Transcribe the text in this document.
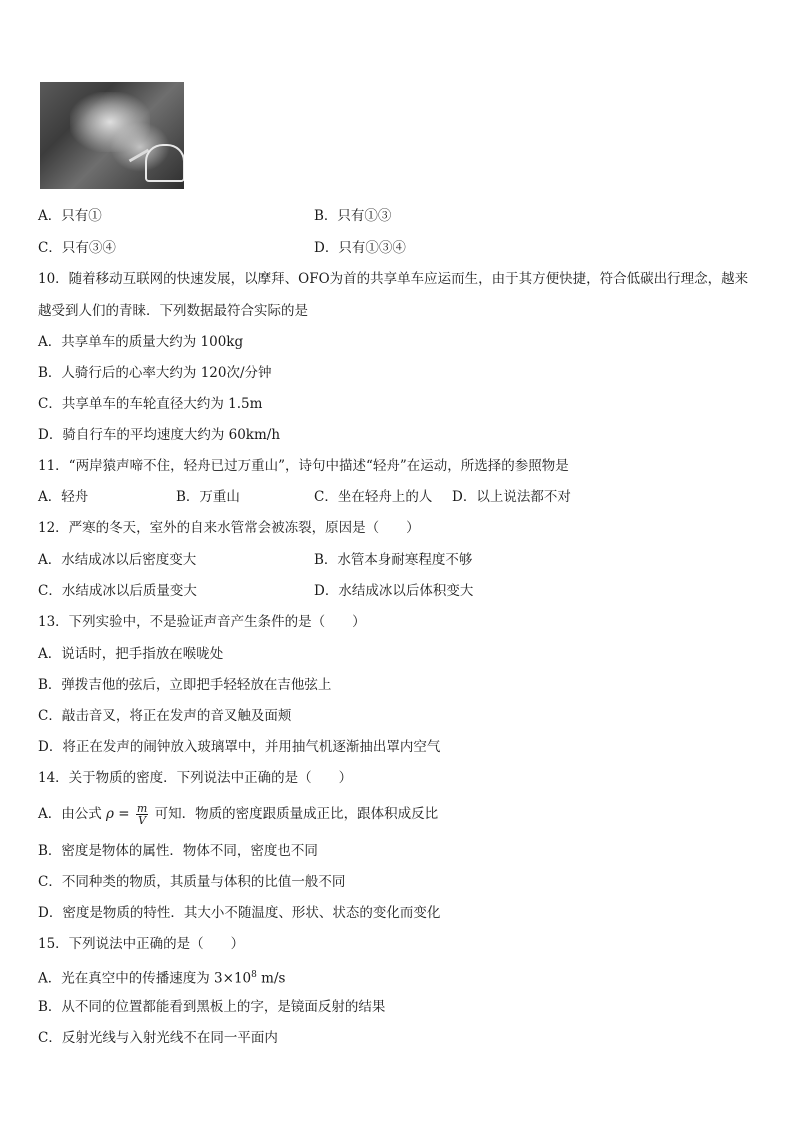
A．只有①	B．只有①③
C．只有③④	D．只有①③④
10．随着移动互联网的快速发展，以摩拜、OFO为首的共享单车应运而生，由于其方便快捷，符合低碳出行理念，越来
越受到人们的青睐．下列数据最符合实际的是
A．共享单车的质量大约为 100kg
B．人骑行后的心率大约为 120次/分钟
C．共享单车的车轮直径大约为 1.5m
D．骑自行车的平均速度大约为 60km/h
11．“两岸猿声啼不住，轻舟已过万重山”，诗句中描述“轻舟”在运动，所选择的参照物是
A．轻舟	B．万重山	C．坐在轻舟上的人 D．以上说法都不对
12．严寒的冬天，室外的自来水管常会被冻裂，原因是（　　）
A．水结成冰以后密度变大	B．水管本身耐寒程度不够
C．水结成冰以后质量变大	D．水结成冰以后体积变大
13．下列实验中，不是验证声音产生条件的是（　　）
A．说话时，把手指放在喉咙处
B．弹拨吉他的弦后，立即把手轻轻放在吉他弦上
C．敲击音叉，将正在发声的音叉触及面颊
D．将正在发声的闹钟放入玻璃罩中，并用抽气机逐渐抽出罩内空气
14．关于物质的密度．下列说法中正确的是（　　）
A．由公式 $\rho = \frac{m}{V}$ 可知．物质的密度跟质量成正比，跟体积成反比
B．密度是物体的属性．物体不同，密度也不同
C．不同种类的物质，其质量与体积的比值一般不同
D．密度是物质的特性．其大小不随温度、形状、状态的变化而变化
15．下列说法中正确的是（　　）
A．光在真空中的传播速度为 $3\times 10^8$ m/s
B．从不同的位置都能看到黑板上的字，是镜面反射的结果
C．反射光线与入射光线不在同一平面内
